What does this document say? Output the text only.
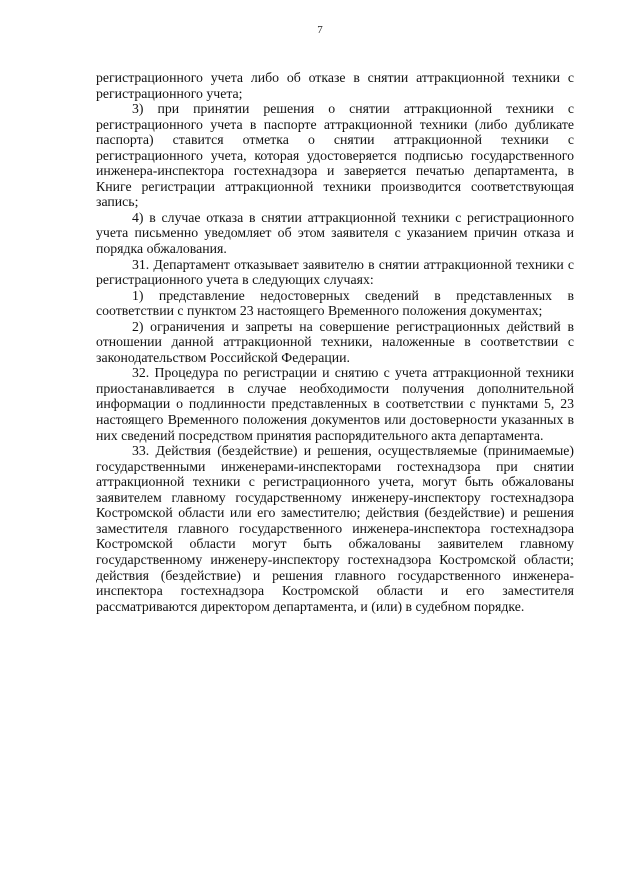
7

регистрационного учета либо об отказе в снятии аттракционной техники с регистрационного учета;

3) при принятии решения о снятии аттракционной техники с регистрационного учета в паспорте аттракционной техники (либо дубликате паспорта) ставится отметка о снятии аттракционной техники с регистрационного учета, которая удостоверяется подписью государственного инженера-инспектора гостехнадзора и заверяется печатью департамента, в Книге регистрации аттракционной техники производится соответствующая запись;

4) в случае отказа в снятии аттракционной техники с регистрационного учета письменно уведомляет об этом заявителя с указанием причин отказа и порядка обжалования.

31. Департамент отказывает заявителю в снятии аттракционной техники с регистрационного учета в следующих случаях:

1) представление недостоверных сведений в представленных в соответствии с пунктом 23 настоящего Временного положения документах;

2) ограничения и запреты на совершение регистрационных действий в отношении данной аттракционной техники, наложенные в соответствии с законодательством Российской Федерации.

32. Процедура по регистрации и снятию с учета аттракционной техники приостанавливается в случае необходимости получения дополнительной информации о подлинности представленных в соответствии с пунктами 5, 23 настоящего Временного положения документов или достоверности указанных в них сведений посредством принятия распорядительного акта департамента.

33. Действия (бездействие) и решения, осуществляемые (принимаемые) государственными инженерами-инспекторами гостехнадзора при снятии аттракционной техники с регистрационного учета, могут быть обжалованы заявителем главному государственному инженеру-инспектору гостехнадзора Костромской области или его заместителю; действия (бездействие) и решения заместителя главного государственного инженера-инспектора гостехнадзора Костромской области могут быть обжалованы заявителем главному государственному инженеру-инспектору гостехнадзора Костромской области; действия (бездействие) и решения главного государственного инженера-инспектора гостехнадзора Костромской области и его заместителя рассматриваются директором департамента, и (или) в судебном порядке.
